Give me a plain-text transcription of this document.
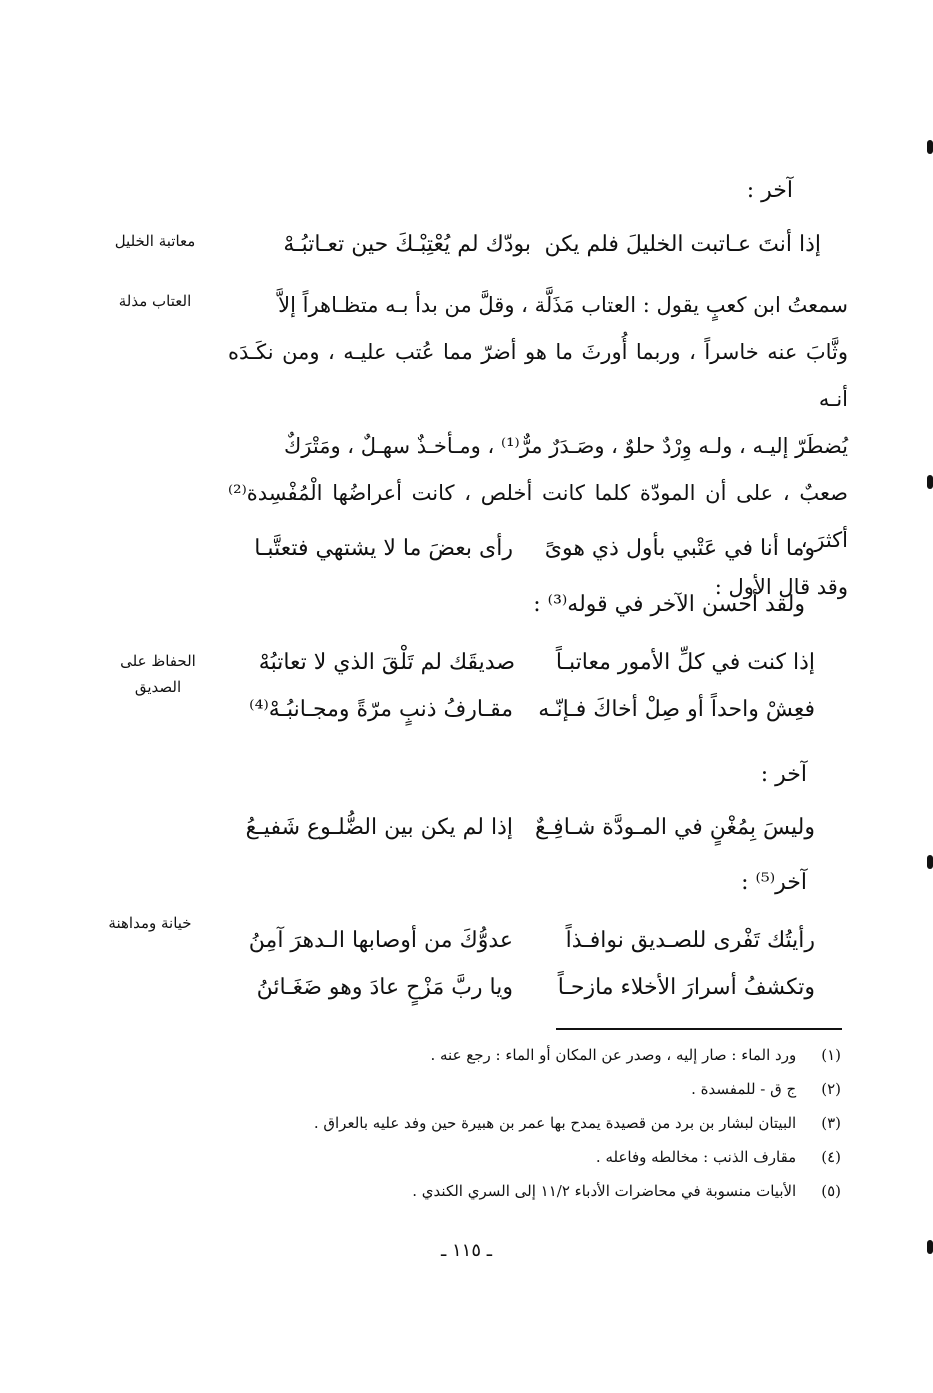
آخر :
معاتبة الخليل
العتاب مذلة
الحفاظ على الصديق
خيانة ومداهنة
إذا أنتَ عـاتبت الخليلَ فلم يكن
بودّك لم يُعْتِبْـكَ حين تعـاتبُـهْ

سمعتُ ابن كعبٍ يقول : العتاب مَذَلَّة ، وقلَّ من بدأ بـه متظـاهراً إلاَّ

وثَّابَ عنه خاسراً ، وربما أُورثَ ما هو أضرّ مما عُتب عليـه ، ومن نكَـدَه أنـه

يُضطَرّ إليـه ، ولـه وِرْدٌ حلوٌ ، وصَـدَرٌ مرٌّ⁽¹⁾ ، ومـأخـذٌ سهـلٌ ، ومَتْرَكٌ

صعبٌ ، على أن المودّة كلما كانت أخلص ، كانت أعراضُها الْمُفْسِدة⁽²⁾ أكثرَ ،

وقد قال الأول :

وما أنا في عَتْبي بأول ذي هوىً
رأى بعضَ ما لا يشتهي فتعتَّبـا
ولقد أحسن الآخر في قوله⁽³⁾ :
إذا كنت في كلِّ الأمور معاتبـاً
صديقَك لم تَلْقَ الذي لا تعاتبُهْ
فعِشْ واحداً أو صِلْ أخاكَ فـإنّـه
مقـارفُ ذنبٍ مرّةً ومجـانبُـهْ⁽⁴⁾
آخر :
وليسَ بِمُغْنٍ في المـودَّة شـافِـعٌ
إذا لم يكن بين الضُّلـوع شَفيـعُ
آخر⁽⁵⁾ :
رأيتُك تَفْرى للصـديق نوافـذاً
عدوُّكَ من أوصابها الـدهرَ آمِنُ
وتكشفُ أسرارَ الأخلاء مازحـاً
ويا ربَّ مَزْحٍ عادَ وهو ضَغَـائنُ
(١) ورد الماء : صار إليه ، وصدر عن المكان أو الماء : رجع عنه .
(٢) ج ق - للمفسدة .
(٣) البيتان لبشار بن برد من قصيدة يمدح بها عمر بن هبيرة حين وفد عليه بالعراق .
(٤) مقارف الذنب : مخالطه وفاعله .
(٥) الأبيات منسوبة في محاضرات الأدباء ١١/٢ إلى السري الكندي .
ـ ١١٥ ـ
